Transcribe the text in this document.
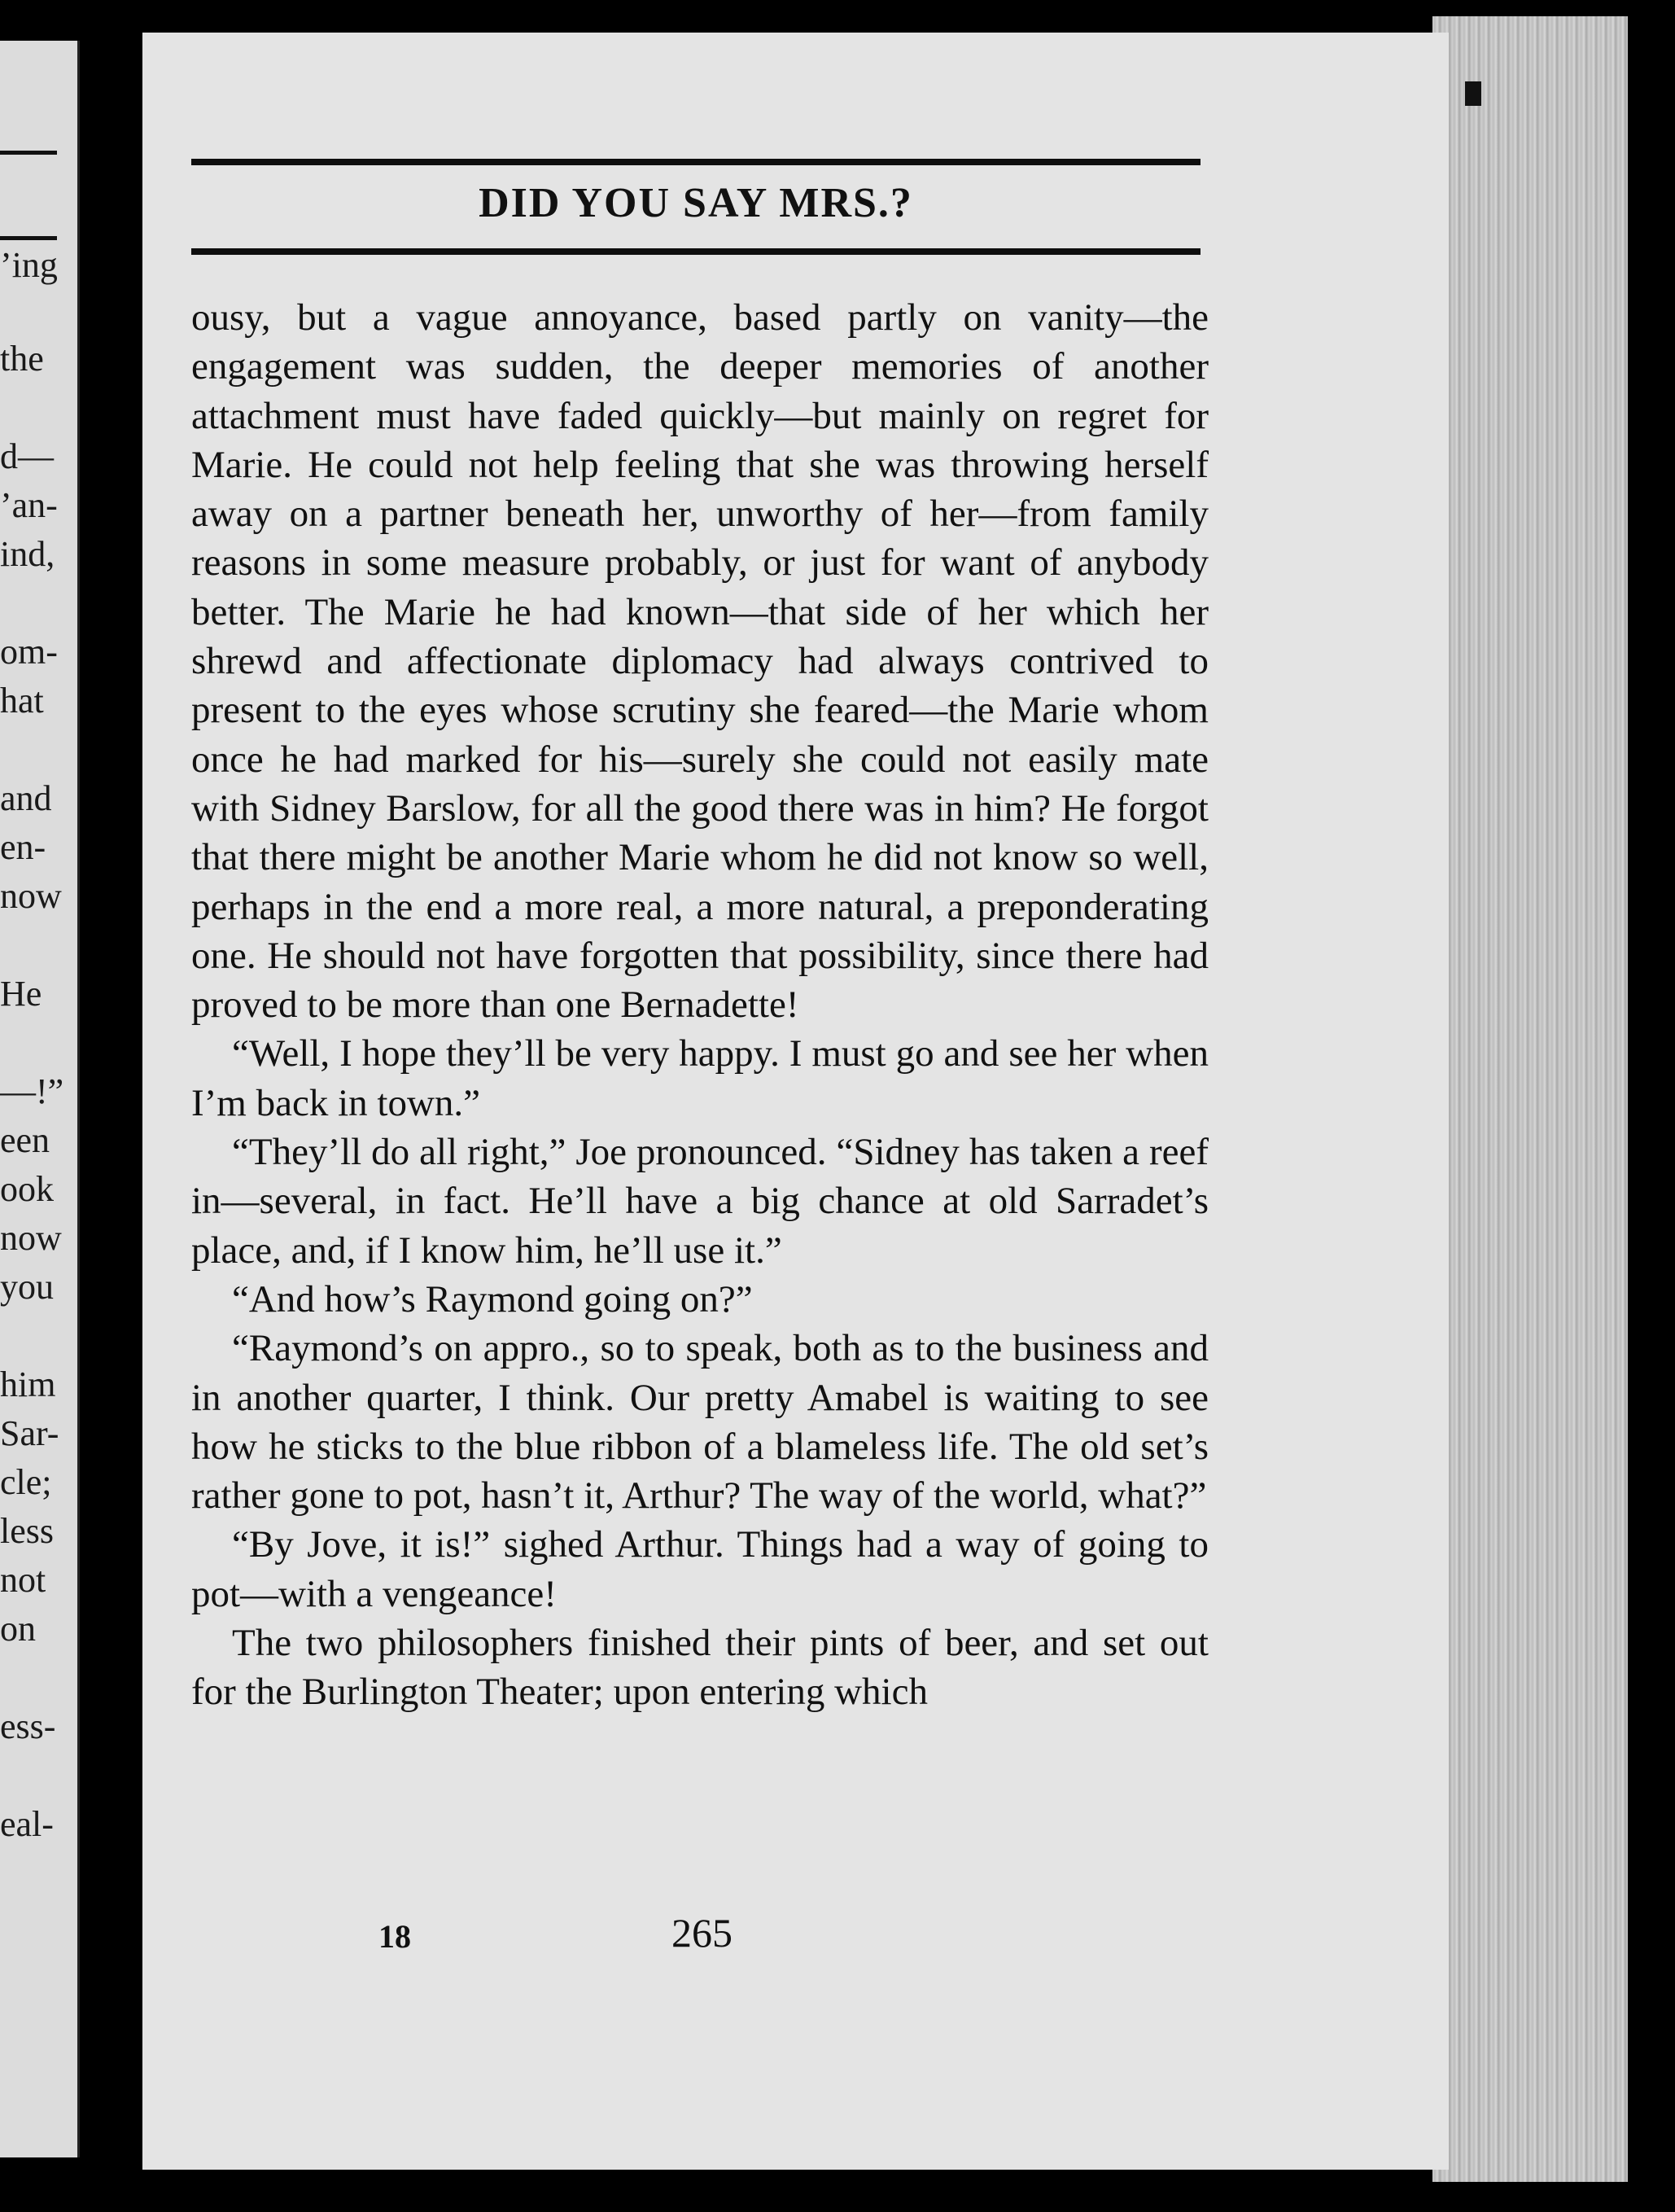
’ing
the
d—
’an-
ind,
om-
hat
and
en-
now
He
—!”
een
ook
now
you
him
Sar-
cle;
less
not
on
ess-
eal-
DID YOU SAY MRS.?

ousy, but a vague annoyance, based partly on vanity—the engagement was sudden, the deeper memories of another attachment must have faded quickly—but mainly on regret for Marie. He could not help feeling that she was throwing herself away on a partner beneath her, unworthy of her—from family reasons in some measure probably, or just for want of anybody better. The Marie he had known—that side of her which her shrewd and affectionate diplomacy had always contrived to present to the eyes whose scrutiny she feared—the Marie whom once he had marked for his—surely she could not easily mate with Sidney Barslow, for all the good there was in him? He forgot that there might be another Marie whom he did not know so well, perhaps in the end a more real, a more natural, a preponderating one. He should not have forgotten that possibility, since there had proved to be more than one Bernadette!

“Well, I hope they’ll be very happy. I must go and see her when I’m back in town.”

“They’ll do all right,” Joe pronounced. “Sidney has taken a reef in—several, in fact. He’ll have a big chance at old Sarradet’s place, and, if I know him, he’ll use it.”

“And how’s Raymond going on?”

“Raymond’s on appro., so to speak, both as to the business and in another quarter, I think. Our pretty Amabel is waiting to see how he sticks to the blue ribbon of a blameless life. The old set’s rather gone to pot, hasn’t it, Arthur? The way of the world, what?”

“By Jove, it is!” sighed Arthur. Things had a way of going to pot—with a vengeance!

The two philosophers finished their pints of beer, and set out for the Burlington Theater; upon entering which

18	265
